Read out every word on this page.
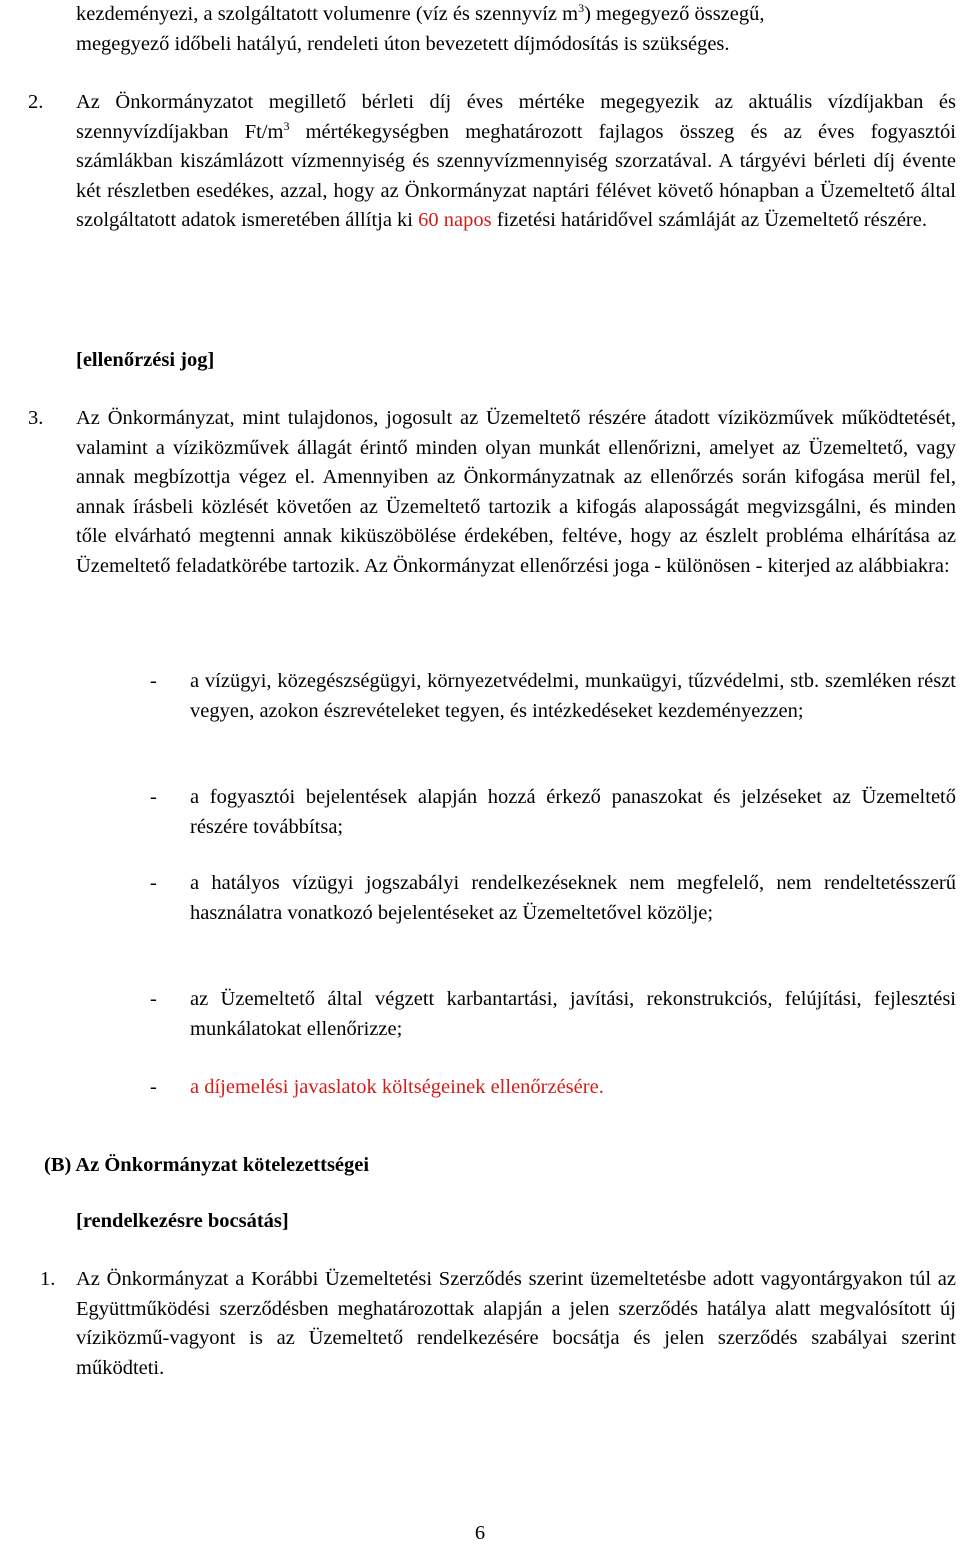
kezdeményezi, a szolgáltatott volumenre (víz és szennyvíz $m^3$) megegyező összegű,
megegyező időbeli hatályú, rendeleti úton bevezetett díjmódosítás is szükséges.

2. Az Önkormányzatot megillető bérleti díj éves mértéke megegyezik az aktuális vízdíjakban és szennyvízdíjakban $Ft/m^3$ mértékegységben meghatározott fajlagos összeg és az éves fogyasztói számlákban kiszámlázott vízmennyiség és szennyvízmennyiség szorzatával. A tárgyévi bérleti díj évente két részletben esedékes, azzal, hogy az Önkormányzat naptári félévet követő hónapban a Üzemeltető által szolgáltatott adatok ismeretében állítja ki 60 napos fizetési határidővel számláját az Üzemeltető részére.

[ellenőrzési jog]
3. Az Önkormányzat, mint tulajdonos, jogosult az Üzemeltető részére átadott víziközművek működtetését, valamint a víziközművek állagát érintő minden olyan munkát ellenőrizni, amelyet az Üzemeltető, vagy annak megbízottja végez el. Amennyiben az Önkormányzatnak az ellenőrzés során kifogása merül fel, annak írásbeli közlését követően az Üzemeltető tartozik a kifogás alaposságát megvizsgálni, és minden tőle elvárható megtenni annak kiküszöbölése érdekében, feltéve, hogy az észlelt probléma elhárítása az Üzemeltető feladatkörébe tartozik. Az Önkormányzat ellenőrzési joga - különösen - kiterjed az alábbiakra:

- a vízügyi, közegészségügyi, környezetvédelmi, munkaügyi, tűzvédelmi, stb. szemléken részt vegyen, azokon észrevételeket tegyen, és intézkedéseket kezdeményezzen;

- a fogyasztói bejelentések alapján hozzá érkező panaszokat és jelzéseket az Üzemeltető részére továbbítsa;

- a hatályos vízügyi jogszabályi rendelkezéseknek nem megfelelő, nem rendeltetésszerű használatra vonatkozó bejelentéseket az Üzemeltetővel közölje;

- az Üzemeltető által végzett karbantartási, javítási, rekonstrukciós, felújítási, fejlesztési munkálatokat ellenőrizze;

- a díjemelési javaslatok költségeinek ellenőrzésére.

(B) Az Önkormányzat kötelezettségei
[rendelkezésre bocsátás]
1. Az Önkormányzat a Korábbi Üzemeltetési Szerződés szerint üzemeltetésbe adott vagyontárgyakon túl az Együttműködési szerződésben meghatározottak alapján a jelen szerződés hatálya alatt megvalósított új víziközmű-vagyont is az Üzemeltető rendelkezésére bocsátja és jelen szerződés szabályai szerint működteti.

6
